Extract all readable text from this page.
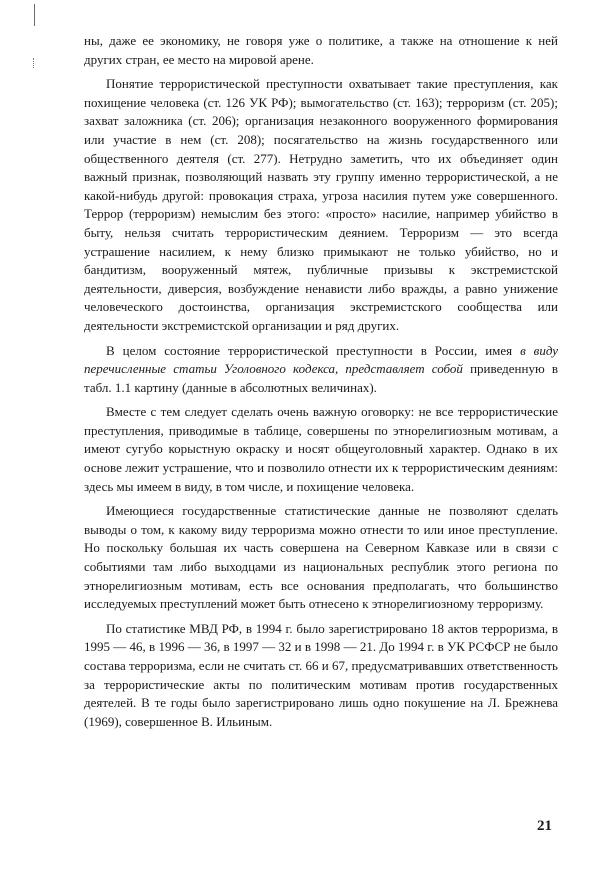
ны, даже ее экономику, не говоря уже о политике, а также на отношение к ней других стран, ее место на мировой арене.

Понятие террористической преступности охватывает такие преступления, как похищение человека (ст. 126 УК РФ); вымогательство (ст. 163); терроризм (ст. 205); захват заложника (ст. 206); организация незаконного вооруженного формирования или участие в нем (ст. 208); посягательство на жизнь государственного или общественного деятеля (ст. 277). Нетрудно заметить, что их объединяет один важный признак, позволяющий назвать эту группу именно террористической, а не какой-нибудь другой: провокация страха, угроза насилия путем уже совершенного. Террор (терроризм) немыслим без этого: «просто» насилие, например убийство в быту, нельзя считать террористическим деянием. Терроризм — это всегда устрашение насилием, к нему близко примыкают не только убийство, но и бандитизм, вооруженный мятеж, публичные призывы к экстремистской деятельности, диверсия, возбуждение ненависти либо вражды, а равно унижение человеческого достоинства, организация экстремистского сообщества или деятельности экстремистской организации и ряд других.

В целом состояние террористической преступности в России, имея в виду перечисленные статьи Уголовного кодекса, представляет собой приведенную в табл. 1.1 картину (данные в абсолютных величинах).

Вместе с тем следует сделать очень важную оговорку: не все террористические преступления, приводимые в таблице, совершены по этнорелигиозным мотивам, а имеют сугубо корыстную окраску и носят общеуголовный характер. Однако в их основе лежит устрашение, что и позволило отнести их к террористическим деяниям: здесь мы имеем в виду, в том числе, и похищение человека.

Имеющиеся государственные статистические данные не позволяют сделать выводы о том, к какому виду терроризма можно отнести то или иное преступление. Но поскольку большая их часть совершена на Северном Кавказе или в связи с событиями там либо выходцами из национальных республик этого региона по этнорелигиозным мотивам, есть все основания предполагать, что большинство исследуемых преступлений может быть отнесено к этнорелигиозному терроризму.

По статистике МВД РФ, в 1994 г. было зарегистрировано 18 актов терроризма, в 1995 — 46, в 1996 — 36, в 1997 — 32 и в 1998 — 21. До 1994 г. в УК РСФСР не было состава терроризма, если не считать ст. 66 и 67, предусматривавших ответственность за террористические акты по политическим мотивам против государственных деятелей. В те годы было зарегистрировано лишь одно покушение на Л. Брежнева (1969), совершенное В. Ильиным.

21
